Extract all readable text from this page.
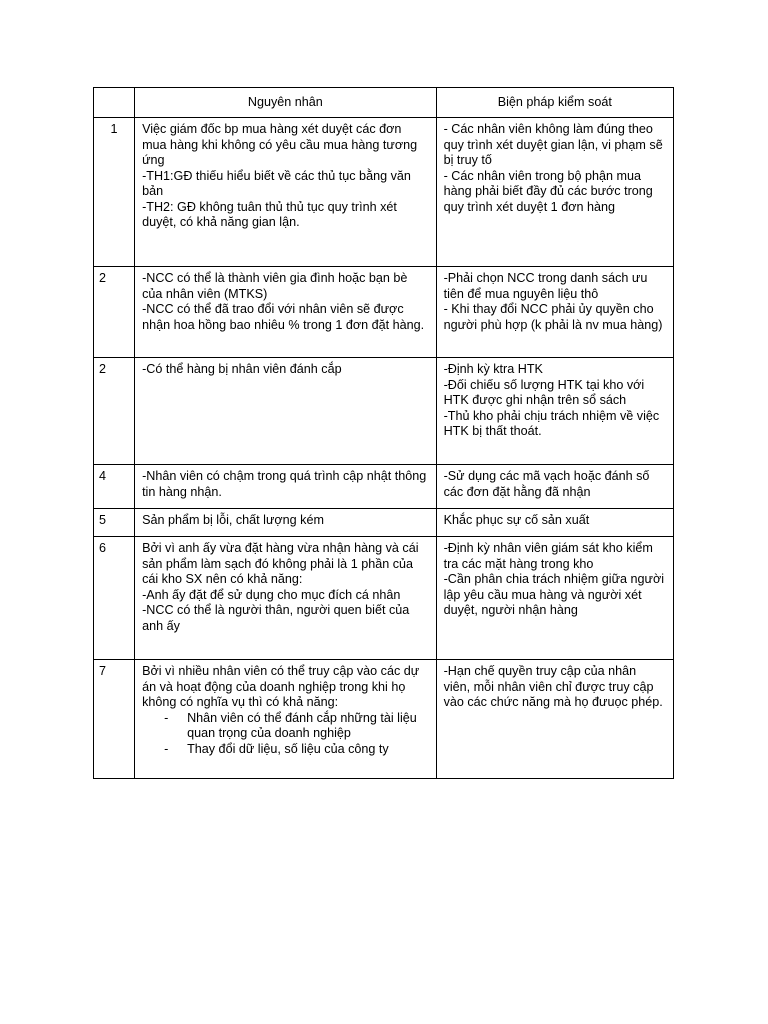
	Nguyên nhân	Biện pháp kiểm soát
1	Việc giám đốc bp mua hàng xét duyệt các đơn mua hàng khi không có yêu cầu mua hàng tương ứng
-TH1:GĐ thiếu hiểu biết về các thủ tục bằng văn bản
-TH2: GĐ không tuân thủ thủ tục quy trình xét duyệt, có khả năng gian lận.	- Các nhân viên không làm đúng theo quy trình xét duyệt gian lận, vi phạm sẽ bị truy tố
- Các nhân viên trong bộ phận mua hàng phải biết đầy đủ các bước trong quy trình xét duyệt 1 đơn hàng

2	-NCC có thể là thành viên gia đình hoặc bạn bè của nhân viên (MTKS)
-NCC có thể đã trao đổi với nhân viên sẽ được nhận hoa hồng bao nhiêu % trong 1 đơn đặt hàng.	-Phải chọn NCC trong danh sách ưu tiên để mua nguyên liệu thô
- Khi thay đổi NCC phải ủy quyền cho người phù hợp (k phải là nv mua hàng)

2	-Có thể hàng bị nhân viên đánh cắp	-Định kỳ ktra HTK
-Đối chiếu số lượng HTK tại kho với HTK được ghi nhận trên sổ sách
-Thủ kho phải chịu trách nhiệm về việc HTK bị thất thoát.

4	-Nhân viên có chậm trong quá trình cập nhật thông tin hàng nhận.	-Sử dụng các mã vạch hoặc đánh số các đơn đặt hằng đã nhận

5	Sản phẩm bị lỗi, chất lượng kém	Khắc phục sự cố sản xuất

6	Bởi vì anh ấy vừa đặt hàng vừa nhận hàng và cái sản phẩm làm sạch đó không phải là 1 phần của cái kho SX nên có khả năng:
-Anh ấy đặt để sử dụng cho mục đích cá nhân
-NCC có thể là người thân, người quen biết của anh ấy	-Định kỳ nhân viên giám sát kho kiểm tra các mặt hàng trong kho
-Cần phân chia trách nhiệm giữa người lập yêu cầu mua hàng và người xét duyệt, người nhận hàng

7	Bởi vì nhiều nhân viên có thể truy cập vào các dự án và hoạt động của doanh nghiệp trong khi họ không có nghĩa vụ thì có khả năng:
- Nhân viên có thể đánh cắp những tài liệu quan trọng của doanh nghiệp
- Thay đổi dữ liệu, số liệu của công ty	-Hạn chế quyền truy cập của nhân viên, mỗi nhân viên chỉ được truy cập vào các chức năng mà họ đưuọc phép.
